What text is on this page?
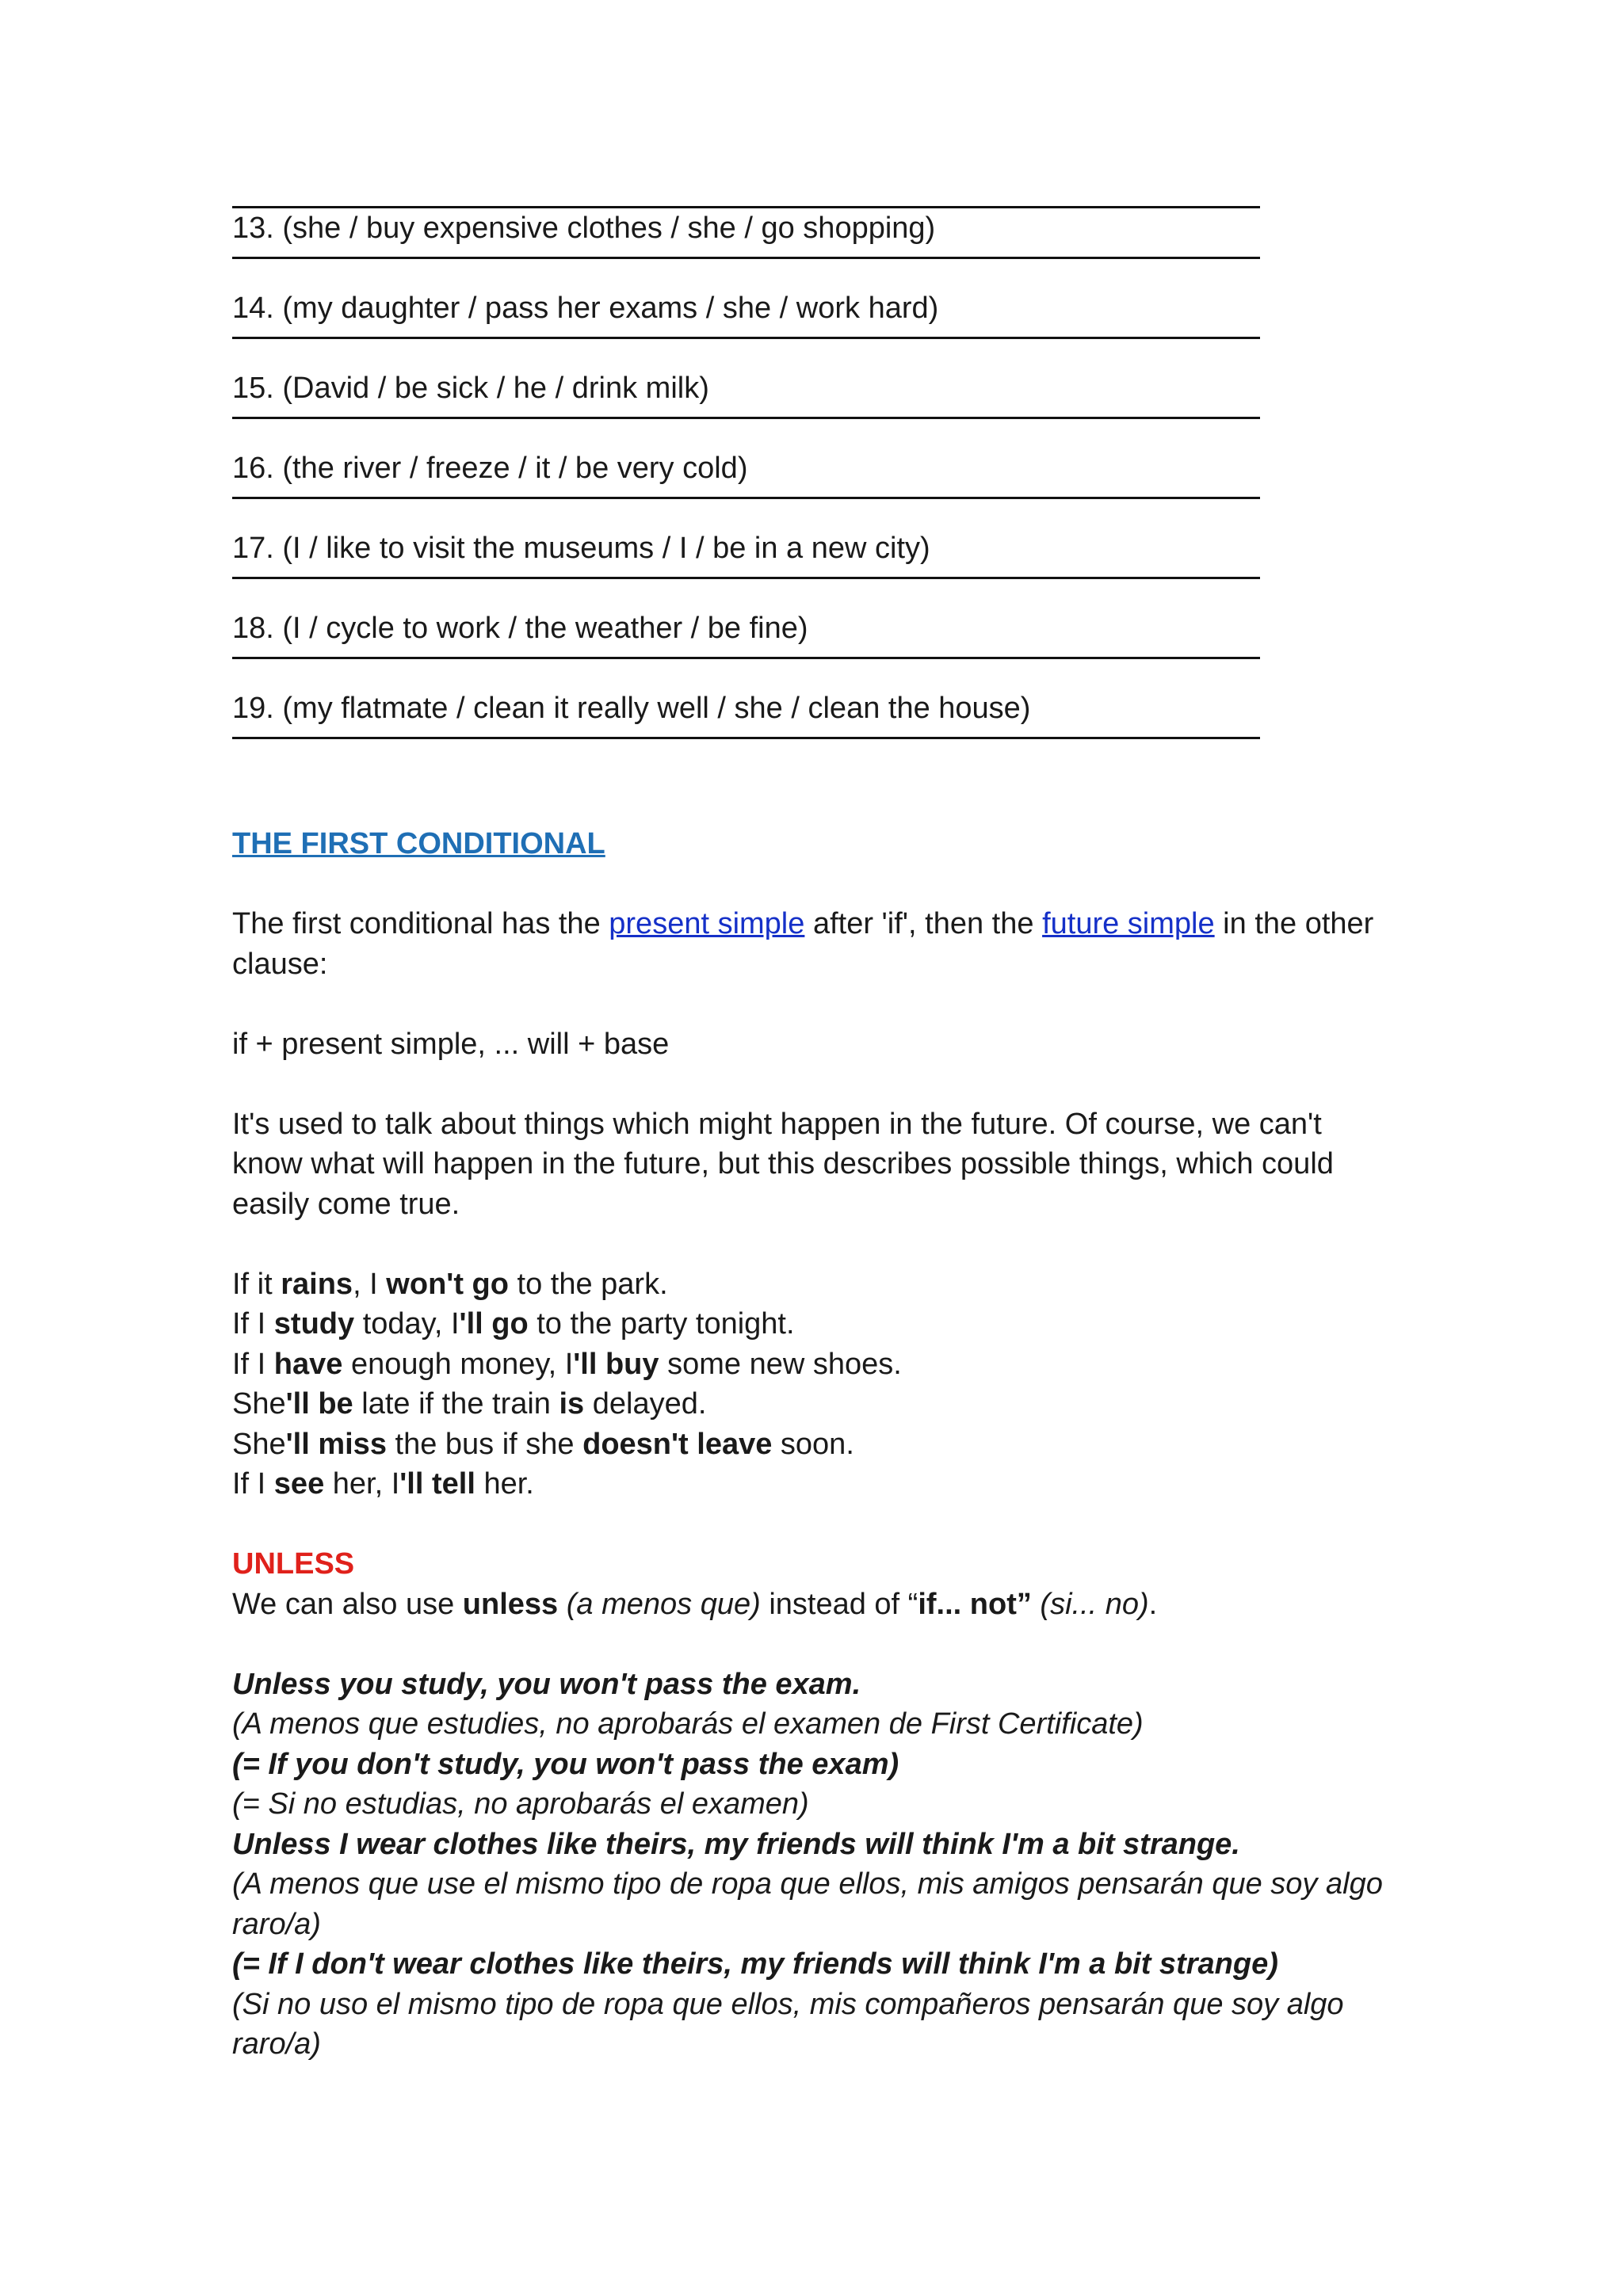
13. (she / buy expensive clothes / she / go shopping)
14. (my daughter / pass her exams / she / work hard)
15. (David / be sick / he / drink milk)
16. (the river / freeze / it / be very cold)
17. (I / like to visit the museums / I / be in a new city)
18. (I / cycle to work / the weather / be fine)
19. (my flatmate / clean it really well / she / clean the house)

THE FIRST CONDITIONAL

The first conditional has the present simple after 'if', then the future simple in the other clause:

if + present simple, ... will + base

It's used to talk about things which might happen in the future. Of course, we can't know what will happen in the future, but this describes possible things, which could easily come true.

If it rains, I won't go to the park.

If I study today, I'll go to the party tonight.

If I have enough money, I'll buy some new shoes.

She'll be late if the train is delayed.

She'll miss the bus if she doesn't leave soon.

If I see her, I'll tell her.

UNLESS

We can also use unless (a menos que) instead of “if... not” (si... no).

Unless you study, you won't pass the exam.

(A menos que estudies, no aprobarás el examen de First Certificate)

(= If you don't study, you won't pass the exam)

(= Si no estudias, no aprobarás el examen)

Unless I wear clothes like theirs, my friends will think I'm a bit strange.

(A menos que use el mismo tipo de ropa que ellos, mis amigos pensarán que soy algo raro/a)

(= If I don't wear clothes like theirs, my friends will think I'm a bit strange)

(Si no uso el mismo tipo de ropa que ellos, mis compañeros pensarán que soy algo raro/a)
